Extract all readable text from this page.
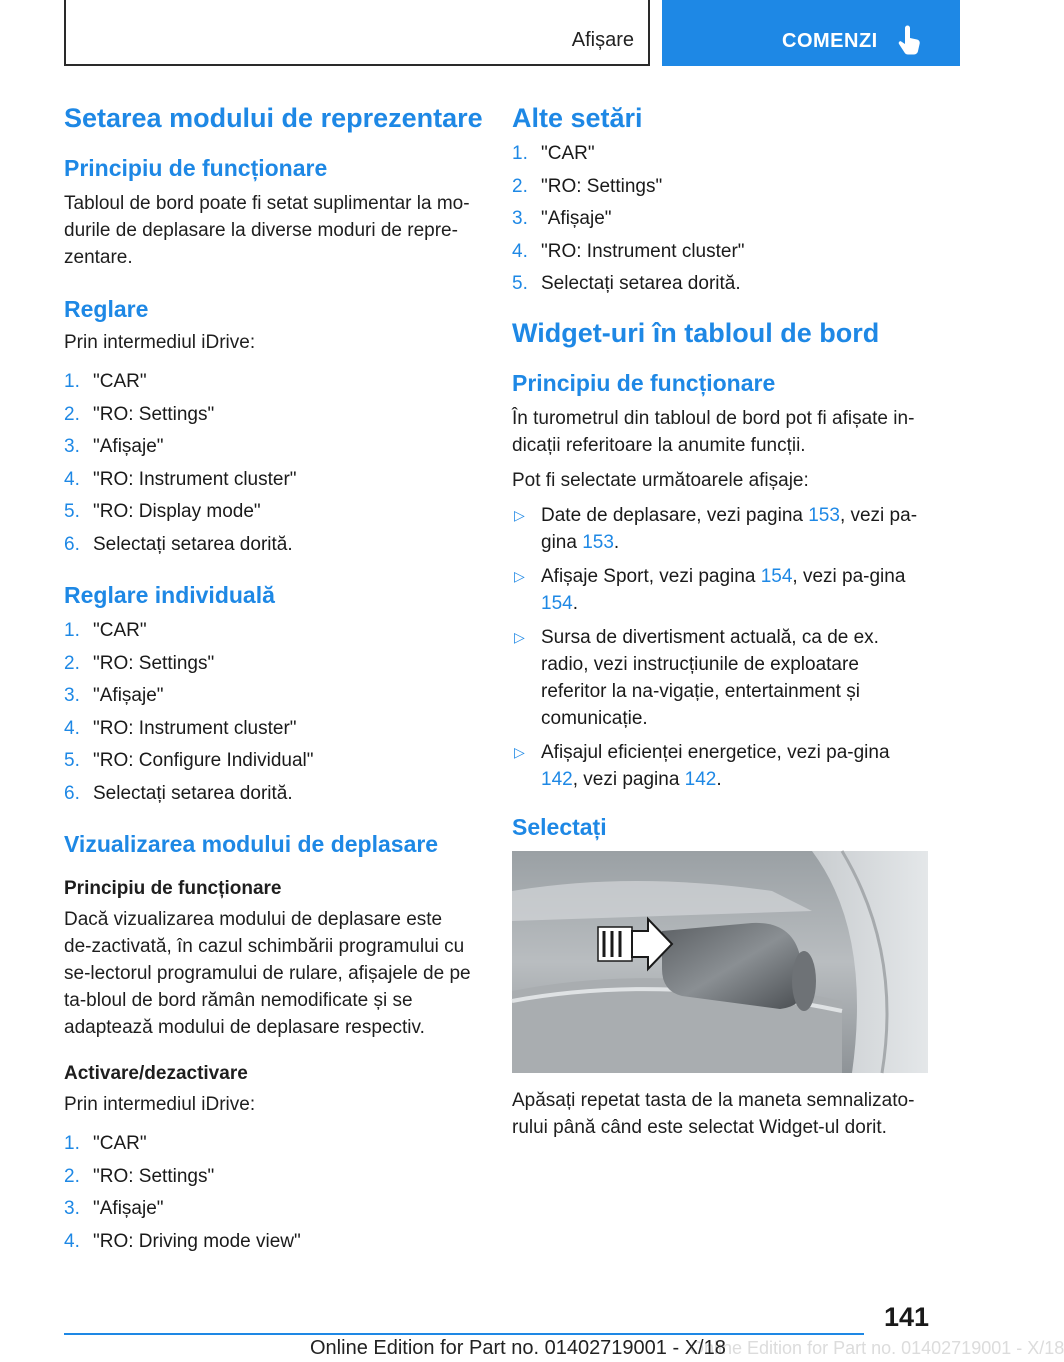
Afișare	COMENZI
Setarea modului de reprezentare
Principiu de funcționare
Tabloul de bord poate fi setat suplimentar la mo-durile de deplasare la diverse moduri de repre-zentare.
Reglare
Prin intermediul iDrive:
1. "CAR"
2. "RO: Settings"
3. "Afișaje"
4. "RO: Instrument cluster"
5. "RO: Display mode"
6. Selectați setarea dorită.
Reglare individuală
1. "CAR"
2. "RO: Settings"
3. "Afișaje"
4. "RO: Instrument cluster"
5. "RO: Configure Individual"
6. Selectați setarea dorită.
Vizualizarea modului de deplasare
Principiu de funcționare
Dacă vizualizarea modului de deplasare este de-zactivată, în cazul schimbării programului cu se-lectorul programului de rulare, afișajele de pe ta-bloul de bord rămân nemodificate și se adaptează modului de deplasare respectiv.
Activare/dezactivare
Prin intermediul iDrive:
1. "CAR"
2. "RO: Settings"
3. "Afișaje"
4. "RO: Driving mode view"
Alte setări
1. "CAR"
2. "RO: Settings"
3. "Afișaje"
4. "RO: Instrument cluster"
5. Selectați setarea dorită.
Widget-uri în tabloul de bord
Principiu de funcționare
În turometrul din tabloul de bord pot fi afișate in-dicații referitoare la anumite funcții.
Pot fi selectate următoarele afișaje:
▷ Date de deplasare, vezi pagina 153, vezi pa-gina 153.
▷ Afișaje Sport, vezi pagina 154, vezi pa-gina 154.
▷ Sursa de divertisment actuală, ca de ex. radio, vezi instrucțiunile de exploatare referitor la na-vigație, entertainment și comunicație.
▷ Afișajul eficienței energetice, vezi pa-gina 142, vezi pagina 142.
Selectați
Apăsați repetat tasta de la maneta semnalizato-rului până când este selectat Widget-ul dorit.
141
Online Edition for Part no. 01402719001 - X/18
Online Edition for Part no. 01402719001 - X/18
